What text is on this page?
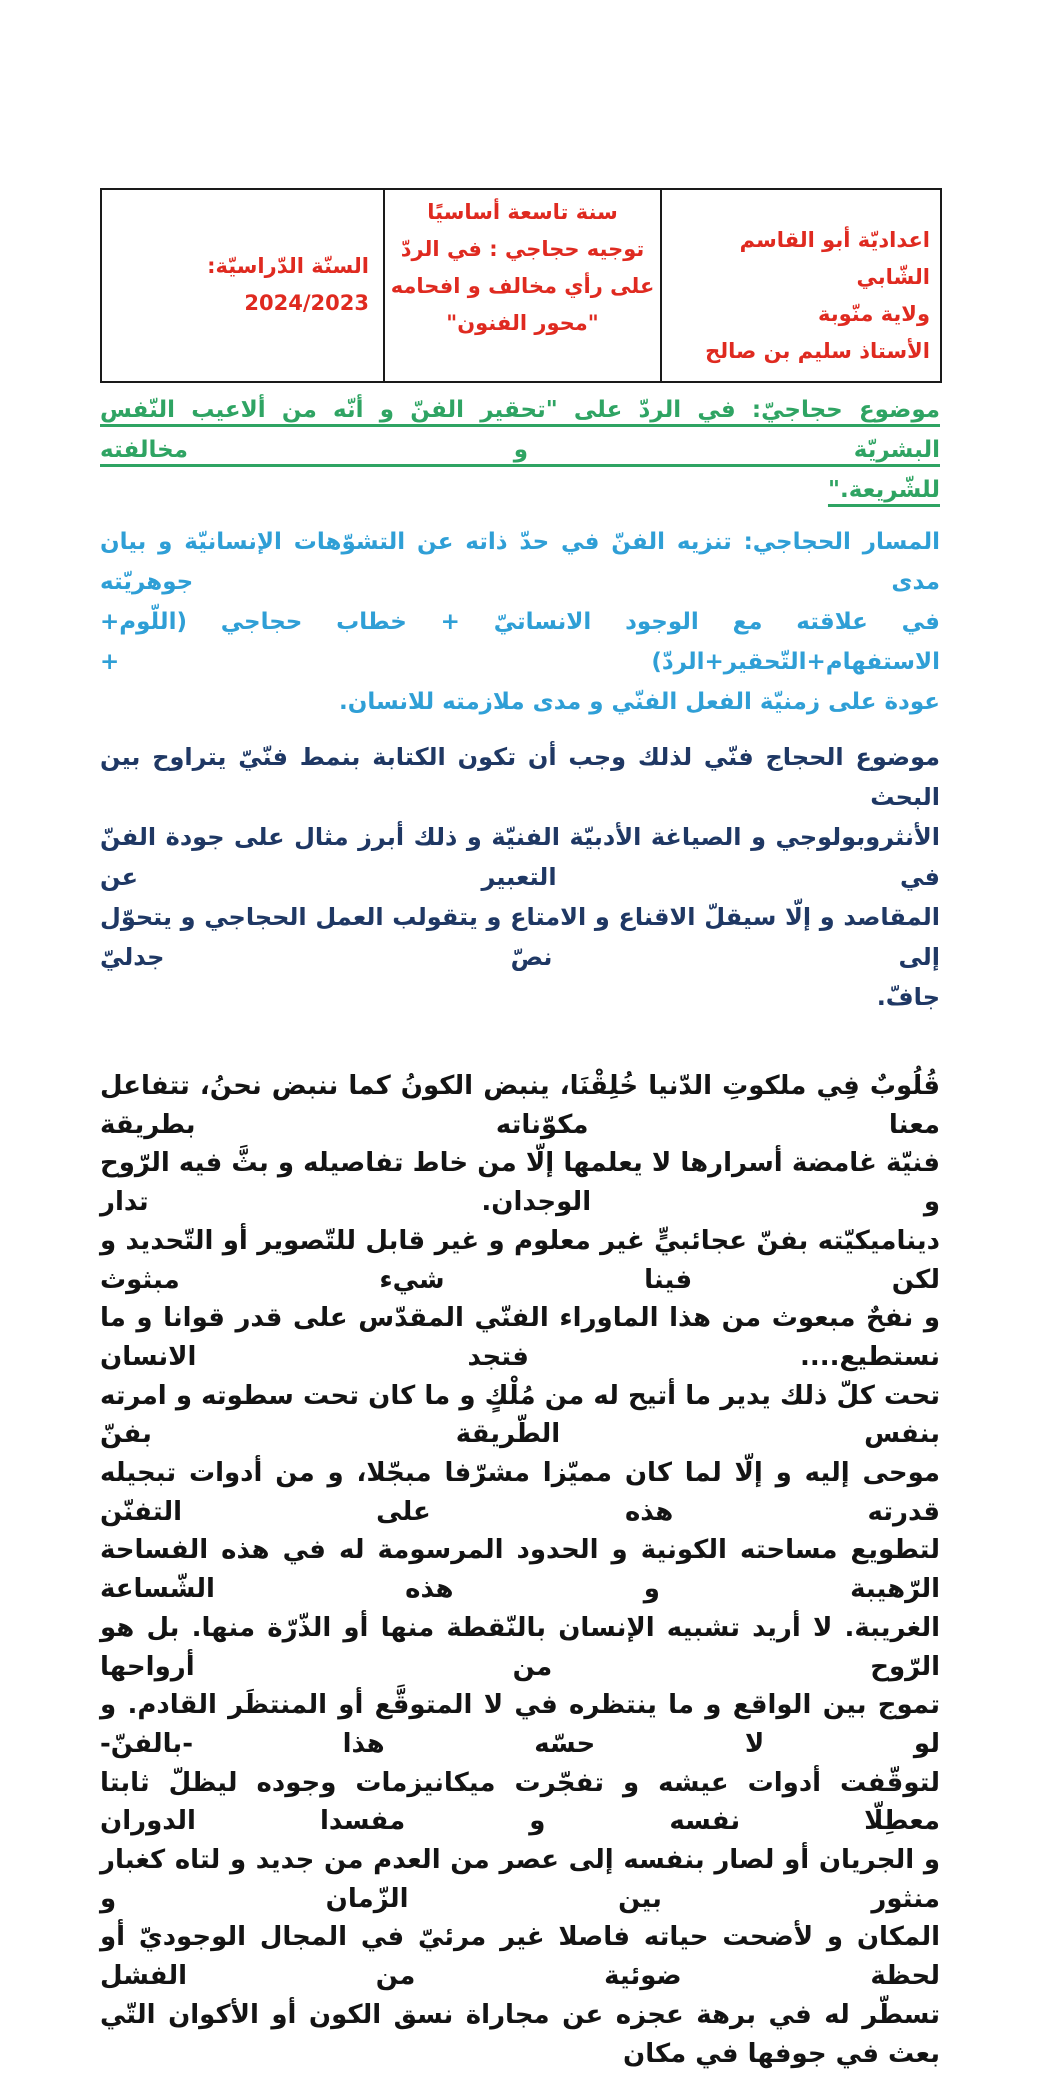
اعداديّة أبو القاسم الشّابي
ولاية منّوبة
الأستاذ سليم بن صالح

سنة تاسعة أساسيًا
توجيه حجاجي : في الردّ
على رأي مخالف و افحامه
"محور الفنون"

السنّة الدّراسيّة:
2024/2023
موضوع حجاجيّ: في الردّ على "تحقير الفنّ و أنّه من ألاعيب النّفس البشريّة و مخالفته
للشّريعة."
المسار الحجاجي: تنزيه الفنّ في حدّ ذاته عن التشوّهات الإنسانيّة و بيان مدى جوهريّته
في علاقته مع الوجود الانساتيّ + خطاب حجاجي (اللّوم+ الاستفهام+التّحقير+الردّ) +
عودة على زمنيّة الفعل الفنّي و مدى ملازمته للانسان.
موضوع الحجاج فنّي لذلك وجب أن تكون الكتابة بنمط فنّيّ يتراوح بين البحث
الأنثروبولوجي و الصياغة الأدبيّة الفنيّة و ذلك أبرز مثال على جودة الفنّ في التعبير عن
المقاصد و إلّا سيقلّ الاقناع و الامتاع و يتقولب العمل الحجاجي و يتحوّل إلى نصّ جدليّ
جافّ.
قُلُوبٌ فِي ملكوتِ الدّنيا خُلِقْنَا، ينبض الكونُ كما ننبض نحنُ، تتفاعل معنا مكوّناته بطريقة
فنيّة غامضة أسرارها لا يعلمها إلّا من خاط تفاصيله و بثَّ فيه الرّوح و الوجدان. تدار
ديناميكيّته بفنّ عجائبيٍّ غير معلوم و غير قابل للتّصوير أو التّحديد و لكن فينا شيء مبثوث
و نفحٌ مبعوث من هذا الماوراء الفنّي المقدّس على قدر قوانا و ما نستطيع.... فتجد الانسان
تحت كلّ ذلك يدير ما أتيح له من مُلْكٍ و ما كان تحت سطوته و امرته بنفس الطّريقة بفنّ
موحى إليه و إلّا لما كان مميّزا مشرّفا مبجّلا، و من أدوات تبجيله قدرته هذه على التفنّن
لتطويع مساحته الكونية و الحدود المرسومة له في هذه الفساحة الرّهيبة و هذه الشّساعة
الغريبة. لا أريد تشبيه الإنسان بالنّقطة منها أو الذّرّة منها. بل هو الرّوح من أرواحها
تموج بين الواقع و ما ينتظره في لا المتوقَّع أو المنتظَر القادم. و لو لا حسّه هذا -بالفنّ-
لتوقّفت أدوات عيشه و تفجّرت ميكانيزمات وجوده ليظلّ ثابتا معطِلّا نفسه و مفسدا الدوران
و الجريان أو لصار بنفسه إلى عصر من العدم من جديد و لتاه كغبار منثور بين الزّمان و
المكان و لأضحت حياته فاصلا غير مرئيّ في المجال الوجوديّ أو لحظة ضوئية من الفشل
تسطّر له في برهة عجزه عن مجاراة نسق الكون أو الأكوان التّي بعث في جوفها في مكان
